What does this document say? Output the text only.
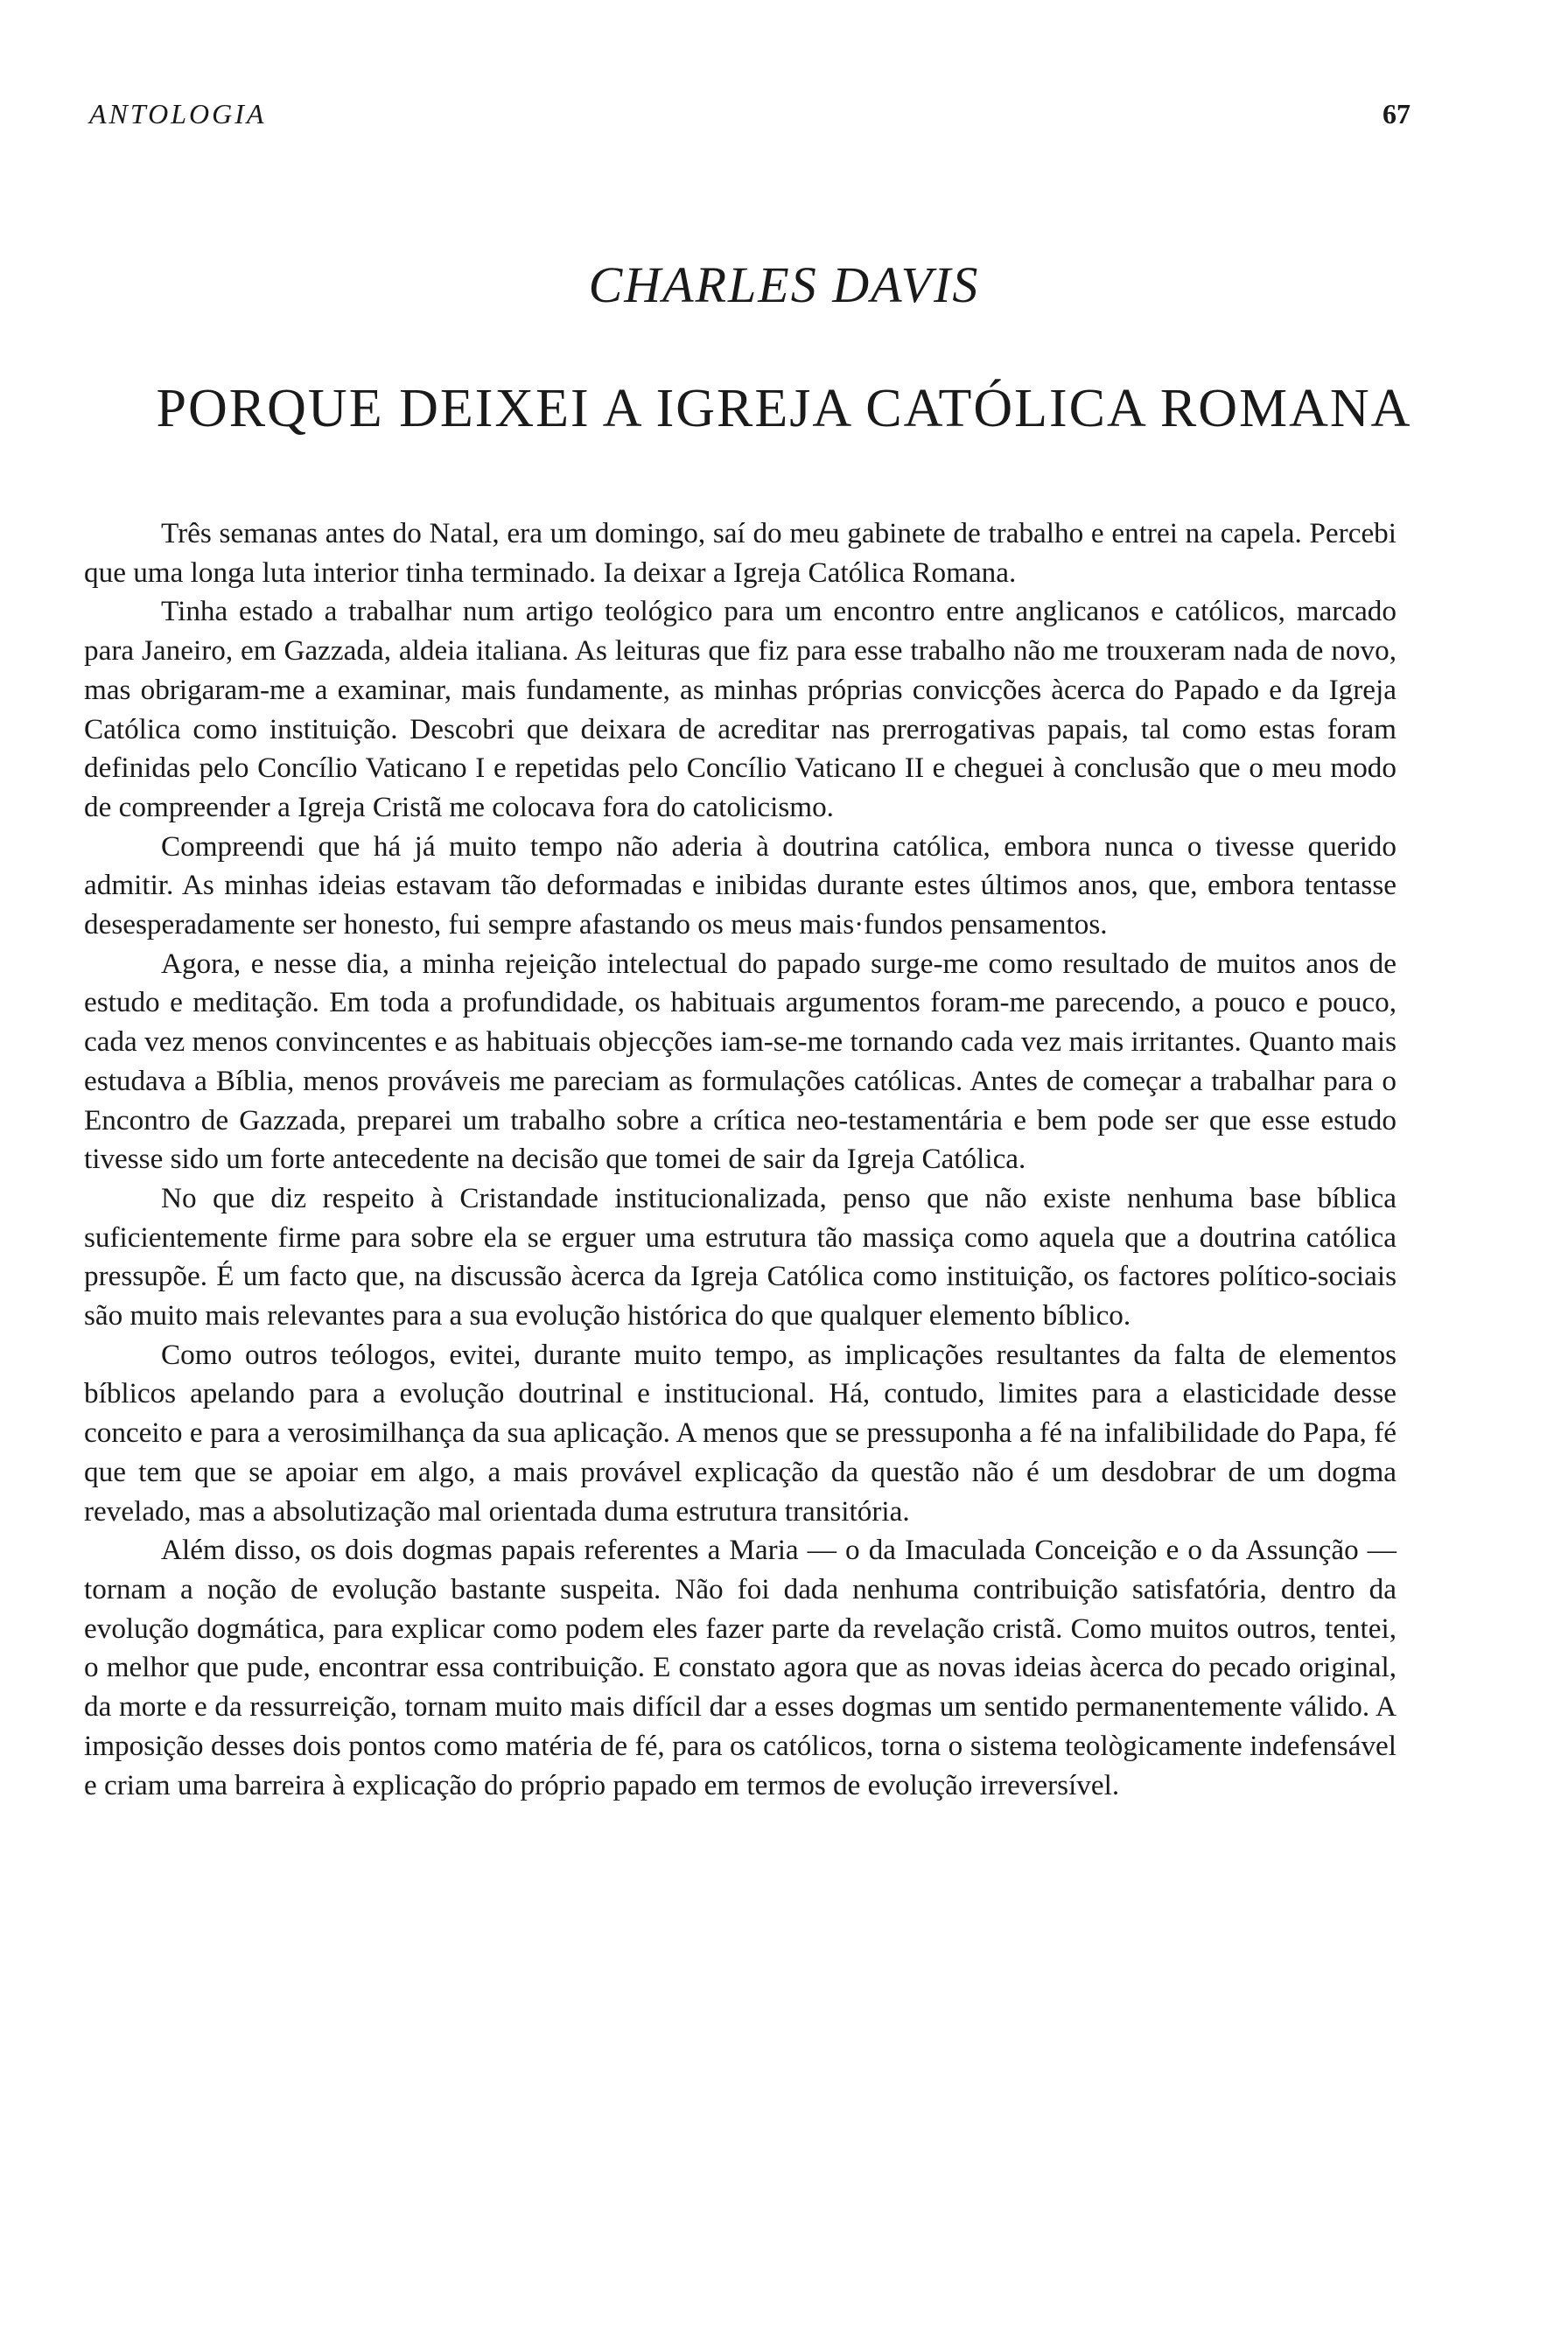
ANTOLOGIA	67
CHARLES DAVIS
PORQUE DEIXEI A IGREJA CATÓLICA ROMANA

Três semanas antes do Natal, era um domingo, saí do meu gabinete de trabalho e entrei na capela. Percebi que uma longa luta interior tinha terminado. Ia deixar a Igreja Católica Romana.

Tinha estado a trabalhar num artigo teológico para um encontro entre anglicanos e católicos, marcado para Janeiro, em Gazzada, aldeia italiana. As leituras que fiz para esse trabalho não me trouxeram nada de novo, mas obrigaram-me a examinar, mais fundamente, as minhas próprias convicções àcerca do Papado e da Igreja Católica como instituição. Descobri que deixara de acreditar nas prerrogativas papais, tal como estas foram definidas pelo Concílio Vaticano I e repetidas pelo Concílio Vaticano II e cheguei à conclusão que o meu modo de compreender a Igreja Cristã me colocava fora do catolicismo.

Compreendi que há já muito tempo não aderia à doutrina católica, embora nunca o tivesse querido admitir. As minhas ideias estavam tão deformadas e inibidas durante estes últimos anos, que, embora tentasse desesperadamente ser honesto, fui sempre afastando os meus mais·fundos pensamentos.

Agora, e nesse dia, a minha rejeição intelectual do papado surge-me como resultado de muitos anos de estudo e meditação. Em toda a profundidade, os habituais argumentos foram-me parecendo, a pouco e pouco, cada vez menos convincentes e as habituais objecções iam-se-me tornando cada vez mais irritantes. Quanto mais estudava a Bíblia, menos prováveis me pareciam as formulações católicas. Antes de começar a trabalhar para o Encontro de Gazzada, preparei um trabalho sobre a crítica neo-testamentária e bem pode ser que esse estudo tivesse sido um forte antecedente na decisão que tomei de sair da Igreja Católica.

No que diz respeito à Cristandade institucionalizada, penso que não existe nenhuma base bíblica suficientemente firme para sobre ela se erguer uma estrutura tão massiça como aquela que a doutrina católica pressupõe. É um facto que, na discussão àcerca da Igreja Católica como instituição, os factores político-sociais são muito mais relevantes para a sua evolução histórica do que qualquer elemento bíblico.

Como outros teólogos, evitei, durante muito tempo, as implicações resultantes da falta de elementos bíblicos apelando para a evolução doutrinal e institucional. Há, contudo, limites para a elasticidade desse conceito e para a verosimilhança da sua aplicação. A menos que se pressuponha a fé na infalibilidade do Papa, fé que tem que se apoiar em algo, a mais provável explicação da questão não é um desdobrar de um dogma revelado, mas a absolutização mal orientada duma estrutura transitória.

Além disso, os dois dogmas papais referentes a Maria — o da Imaculada Conceição e o da Assunção — tornam a noção de evolução bastante suspeita. Não foi dada nenhuma contribuição satisfatória, dentro da evolução dogmática, para explicar como podem eles fazer parte da revelação cristã. Como muitos outros, tentei, o melhor que pude, encontrar essa contribuição. E constato agora que as novas ideias àcerca do pecado original, da morte e da ressurreição, tornam muito mais difícil dar a esses dogmas um sentido permanentemente válido. A imposição desses dois pontos como matéria de fé, para os católicos, torna o sistema teològicamente indefensável e criam uma barreira à explicação do próprio papado em termos de evolução irreversível.
